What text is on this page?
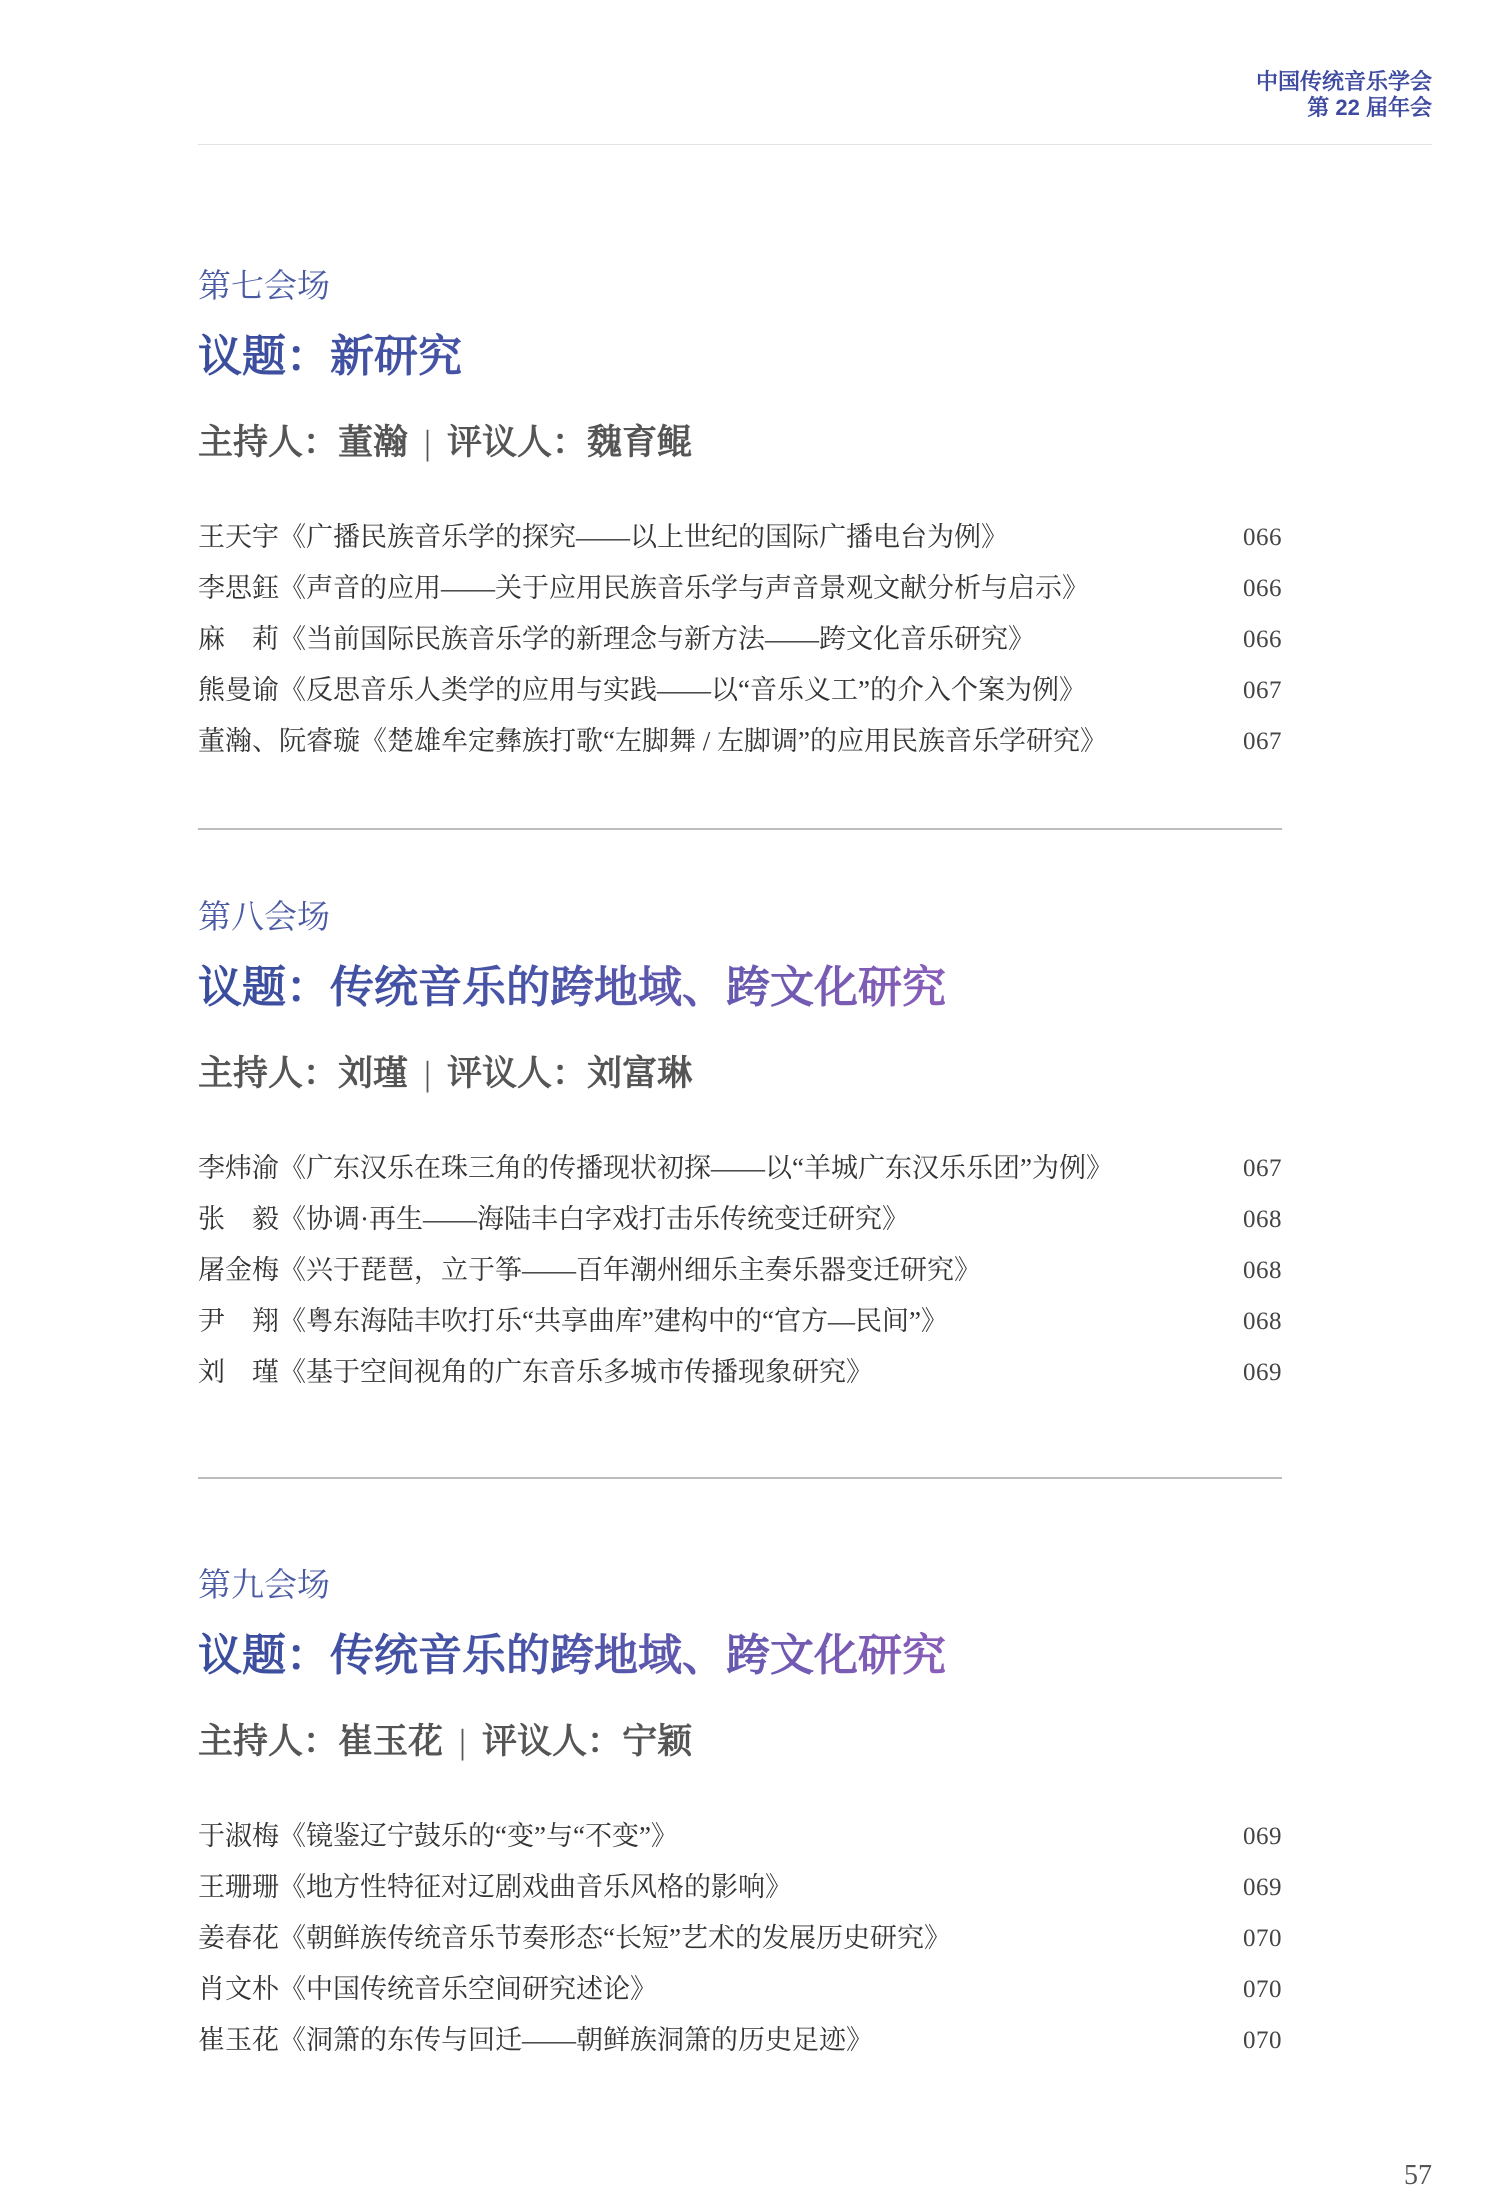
中国传统音乐学会
第 22 届年会
第七会场
议题：新研究
主持人：董瀚 | 评议人：魏育鲲
王天宇《广播民族音乐学的探究——以上世纪的国际广播电台为例》	066
李思鈺《声音的应用——关于应用民族音乐学与声音景观文献分析与启示》	066
麻　莉《当前国际民族音乐学的新理念与新方法——跨文化音乐研究》	066
熊曼谕《反思音乐人类学的应用与实践——以“音乐义工”的介入个案为例》	067
董瀚、阮睿璇《楚雄牟定彝族打歌“左脚舞 / 左脚调”的应用民族音乐学研究》	067
第八会场
议题：传统音乐的跨地域、跨文化研究
主持人：刘瑾 | 评议人：刘富琳
李炜渝《广东汉乐在珠三角的传播现状初探——以“羊城广东汉乐乐团”为例》	067
张　毅《协调·再生——海陆丰白字戏打击乐传统变迁研究》	068
屠金梅《兴于琵琶，立于筝——百年潮州细乐主奏乐器变迁研究》	068
尹　翔《粤东海陆丰吹打乐“共享曲库”建构中的“官方—民间”》	068
刘　瑾《基于空间视角的广东音乐多城市传播现象研究》	069
第九会场
议题：传统音乐的跨地域、跨文化研究
主持人：崔玉花 | 评议人：宁颖
于淑梅《镜鉴辽宁鼓乐的“变”与“不变”》	069
王珊珊《地方性特征对辽剧戏曲音乐风格的影响》	069
姜春花《朝鲜族传统音乐节奏形态“长短”艺术的发展历史研究》	070
肖文朴《中国传统音乐空间研究述论》	070
崔玉花《洞箫的东传与回迁——朝鲜族洞箫的历史足迹》	070
57
